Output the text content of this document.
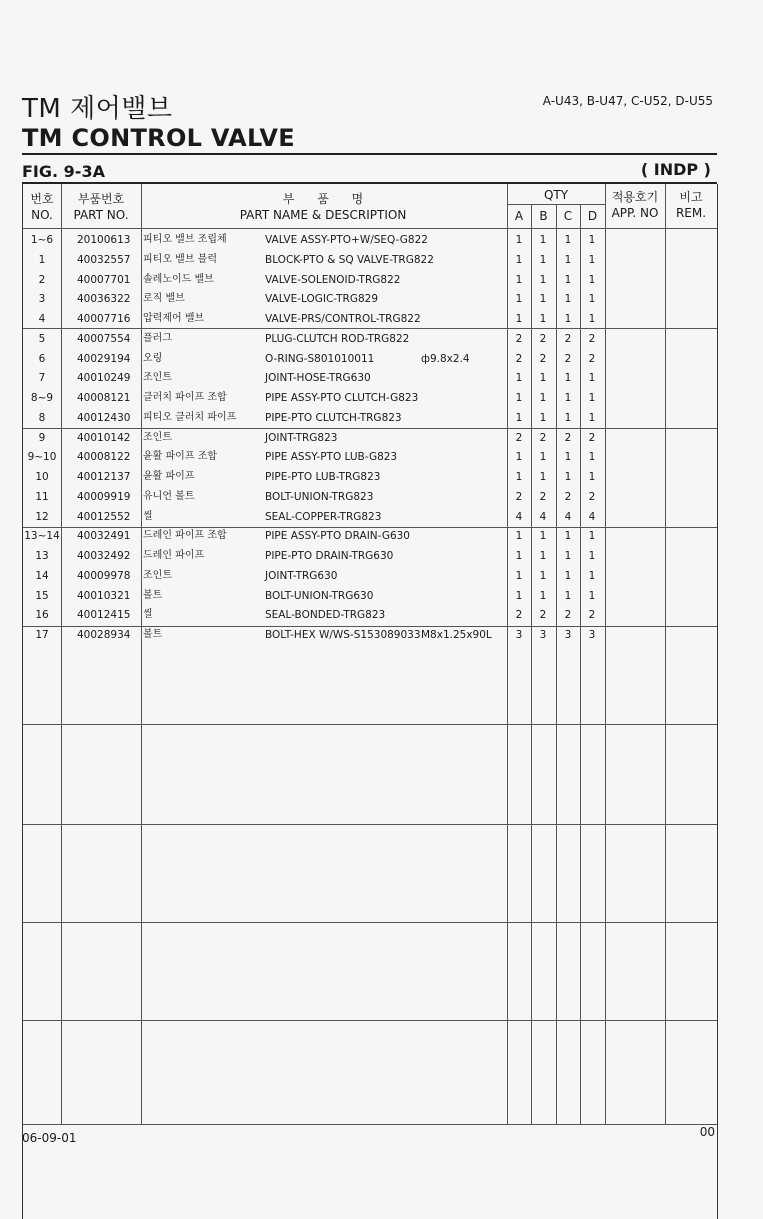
TM 제어밸브	A-U43, B-U47, C-U52, D-U55
TM CONTROL VALVE
FIG. 9-3A	( INDP )
번호
NO.
부품번호
PART NO.
부      품      명
PART NAME & DESCRIPTION
QTY
A	B	C	D
적용호기
APP. NO
비고
REM.
1~6	20100613 피티오 밸브 조립체	VALVE ASSY-PTO+W/SEQ-G822	1	1	1	1
1	40032557 피티오 밸브 블럭	BLOCK-PTO & SQ VALVE-TRG822	1	1	1	1
2	40007701 솔레노이드 밸브	VALVE-SOLENOID-TRG822	1	1	1	1
3	40036322 로직 밸브	VALVE-LOGIC-TRG829	1	1	1	1
4	40007716 압력제어 밸브	VALVE-PRS/CONTROL-TRG822	1	1	1	1
5	40007554 플러그	PLUG-CLUTCH ROD-TRG822	2	2	2	2
6	40029194 오링	O-RING-S801010011	ф9.8x2.4	2	2	2	2
7	40010249 조인트	JOINT-HOSE-TRG630	1	1	1	1
8~9	40008121 클러치 파이프 조합	PIPE ASSY-PTO CLUTCH-G823	1	1	1	1
8	40012430 피티오 클러치 파이프	PIPE-PTO CLUTCH-TRG823	1	1	1	1
9	40010142 조인트	JOINT-TRG823	2	2	2	2
9~10	40008122 윤활 파이프 조합	PIPE ASSY-PTO LUB-G823	1	1	1	1
10	40012137 윤활 파이프	PIPE-PTO LUB-TRG823	1	1	1	1
11	40009919 유니언 볼트	BOLT-UNION-TRG823	2	2	2	2
12	40012552 씰	SEAL-COPPER-TRG823	4	4	4	4
13~14 40032491 드레인 파이프 조합	PIPE ASSY-PTO DRAIN-G630	1	1	1	1
13	40032492 드레인 파이프	PIPE-PTO DRAIN-TRG630	1	1	1	1
14	40009978 조인트	JOINT-TRG630	1	1	1	1
15	40010321 볼트	BOLT-UNION-TRG630	1	1	1	1
16	40012415 씰	SEAL-BONDED-TRG823	2	2	2	2
17	40028934 볼트	BOLT-HEX W/WS-S153089033 M8x1.25x90L	3	3	3	3
06-09-01	00
